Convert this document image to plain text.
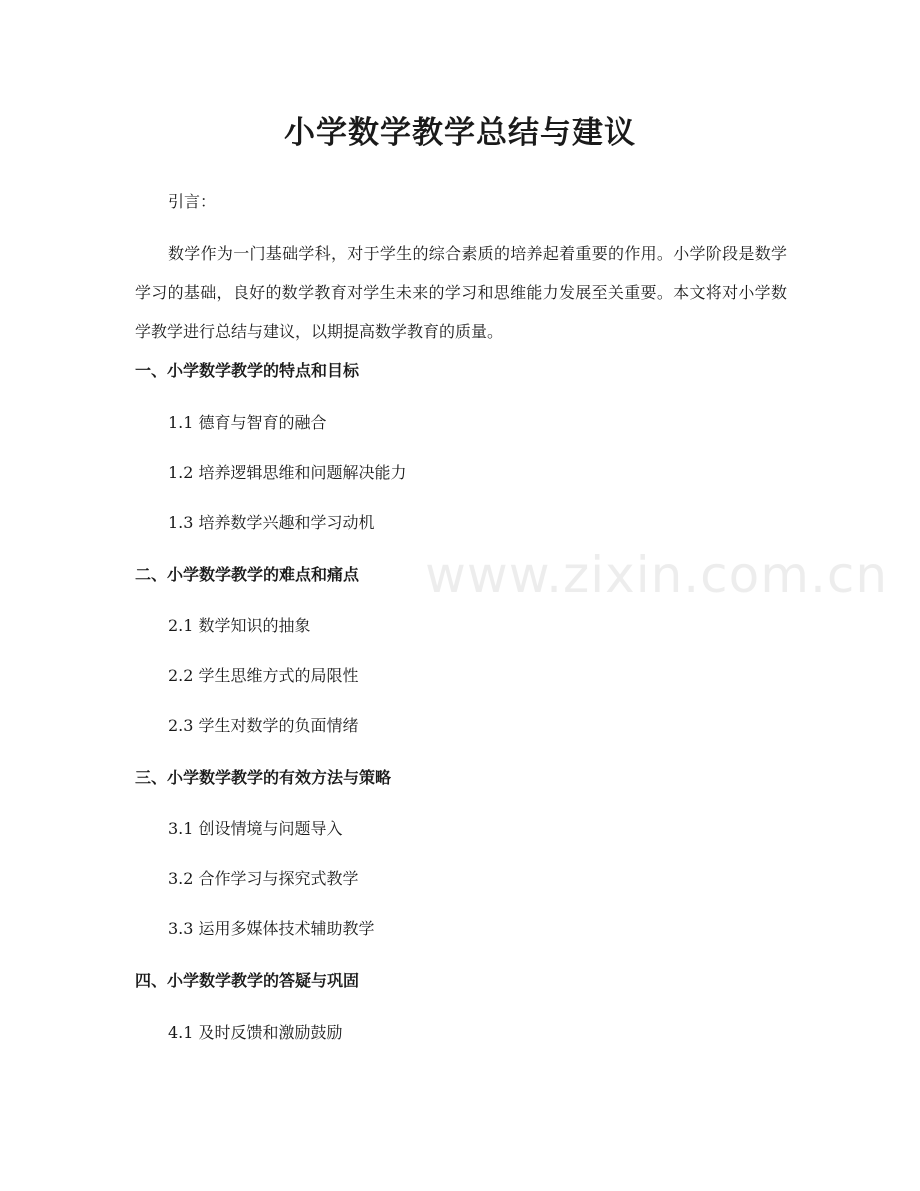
小学数学教学总结与建议

引言：

数学作为一门基础学科，对于学生的综合素质的培养起着重要的作用。小学阶段是数学学习的基础，良好的数学教育对学生未来的学习和思维能力发展至关重要。本文将对小学数学教学进行总结与建议，以期提高数学教育的质量。

一、小学数学教学的特点和目标

1.1 德育与智育的融合

1.2 培养逻辑思维和问题解决能力

1.3 培养数学兴趣和学习动机

二、小学数学教学的难点和痛点

2.1 数学知识的抽象

2.2 学生思维方式的局限性

2.3 学生对数学的负面情绪

三、小学数学教学的有效方法与策略

3.1 创设情境与问题导入

3.2 合作学习与探究式教学

3.3 运用多媒体技术辅助教学

四、小学数学教学的答疑与巩固

4.1 及时反馈和激励鼓励

www.zixin.com.cn
